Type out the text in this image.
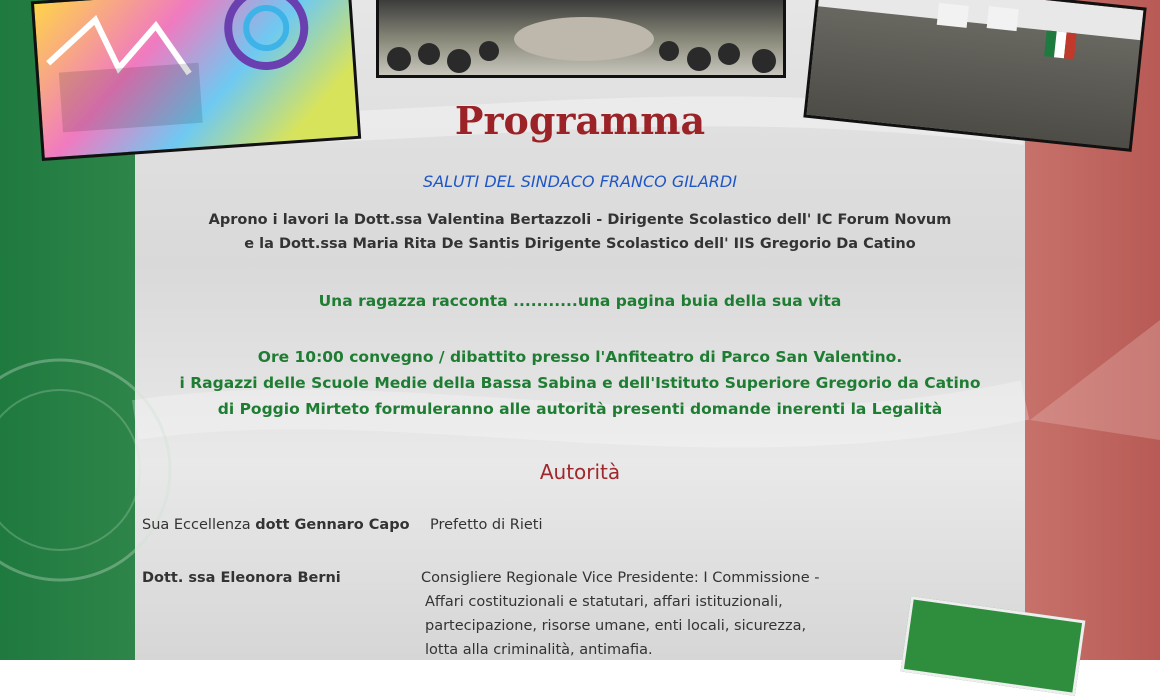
Programma
SALUTI DEL SINDACO FRANCO GILARDI
Aprono i lavori la Dott.ssa Valentina Bertazzoli - Dirigente Scolastico dell' IC Forum Novum
e la Dott.ssa Maria Rita De Santis Dirigente Scolastico dell' IIS Gregorio Da Catino
Una ragazza racconta ...........una pagina buia della sua vita
Ore 10:00 convegno / dibattito presso l'Anfiteatro di Parco San Valentino.
i Ragazzi delle Scuole Medie della Bassa Sabina e dell'Istituto Superiore Gregorio da Catino
di Poggio Mirteto formuleranno alle autorità presenti domande inerenti la Legalità
Autorità
Sua Eccellenza dott Gennaro Capo Prefetto di Rieti
Dott. ssa Eleonora Berni	Consigliere Regionale Vice Presidente: I Commissione -
Affari costituzionali e statutari, affari istituzionali,
partecipazione, risorse umane, enti locali, sicurezza,
lotta alla criminalità, antimafia.
